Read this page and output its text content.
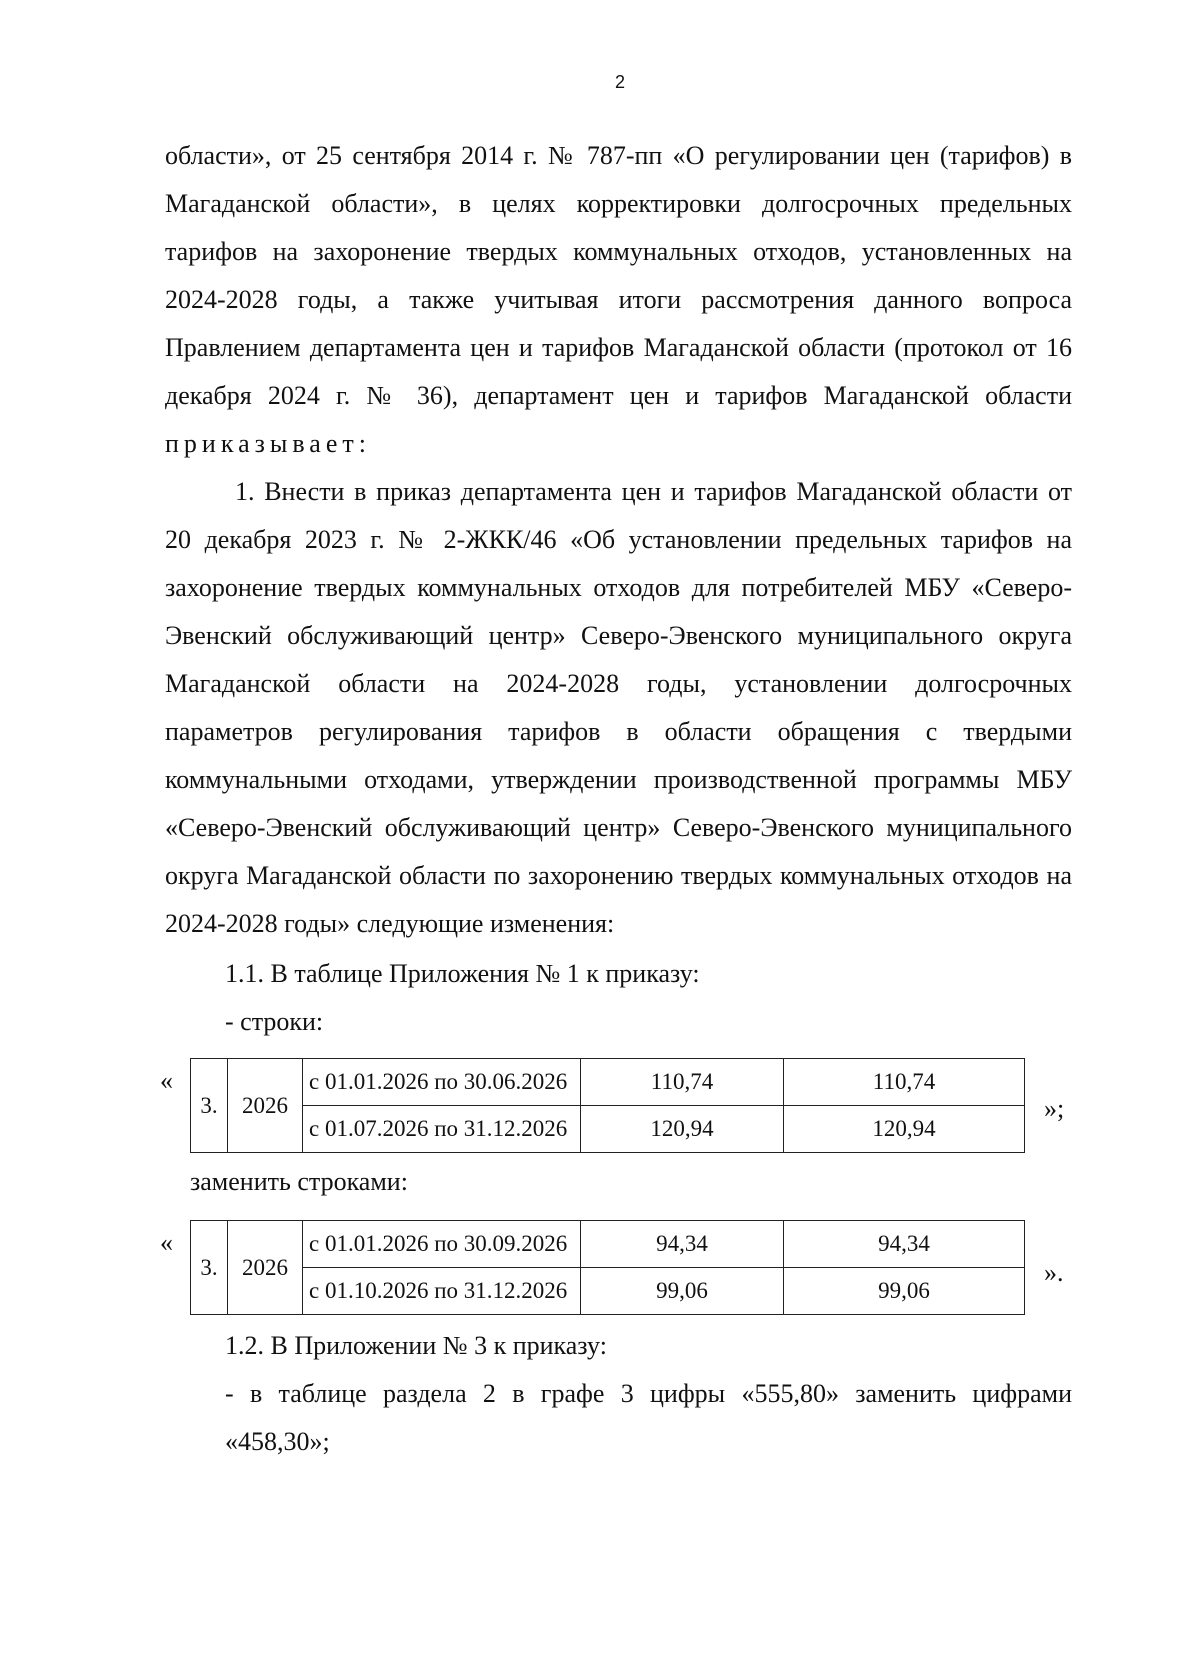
2

области», от 25 сентября 2014 г. № 787-пп «О регулировании цен (тарифов) в Магаданской области», в целях корректировки долгосрочных предельных тарифов на захоронение твердых коммунальных отходов, установленных на 2024-2028 годы, а также учитывая итоги рассмотрения данного вопроса Правлением департамента цен и тарифов Магаданской области (протокол от 16 декабря 2024 г. № 36), департамент цен и тарифов Магаданской области приказывает:

1. Внести в приказ департамента цен и тарифов Магаданской области от 20 декабря 2023 г. № 2-ЖКК/46 «Об установлении предельных тарифов на захоронение твердых коммунальных отходов для потребителей МБУ «Северо-Эвенский обслуживающий центр» Северо-Эвенского муниципального округа Магаданской области на 2024-2028 годы, установлении долгосрочных параметров регулирования тарифов в области обращения с твердыми коммунальными отходами, утверждении производственной программы МБУ «Северо-Эвенский обслуживающий центр» Северо-Эвенского муниципального округа Магаданской области по захоронению твердых коммунальных отходов на 2024-2028 годы» следующие изменения:

1.1. В таблице Приложения № 1 к приказу:

- строки:

«
3.	2026	с 01.01.2026 по 30.06.2026	110,74	110,74
		с 01.07.2026 по 31.12.2026	120,94	120,94
»;

заменить строками:

«
3.	2026	с 01.01.2026 по 30.09.2026	94,34	94,34
		с 01.10.2026 по 31.12.2026	99,06	99,06
».

1.2. В Приложении № 3 к приказу:

- в таблице раздела 2 в графе 3 цифры «555,80» заменить цифрами «458,30»;
